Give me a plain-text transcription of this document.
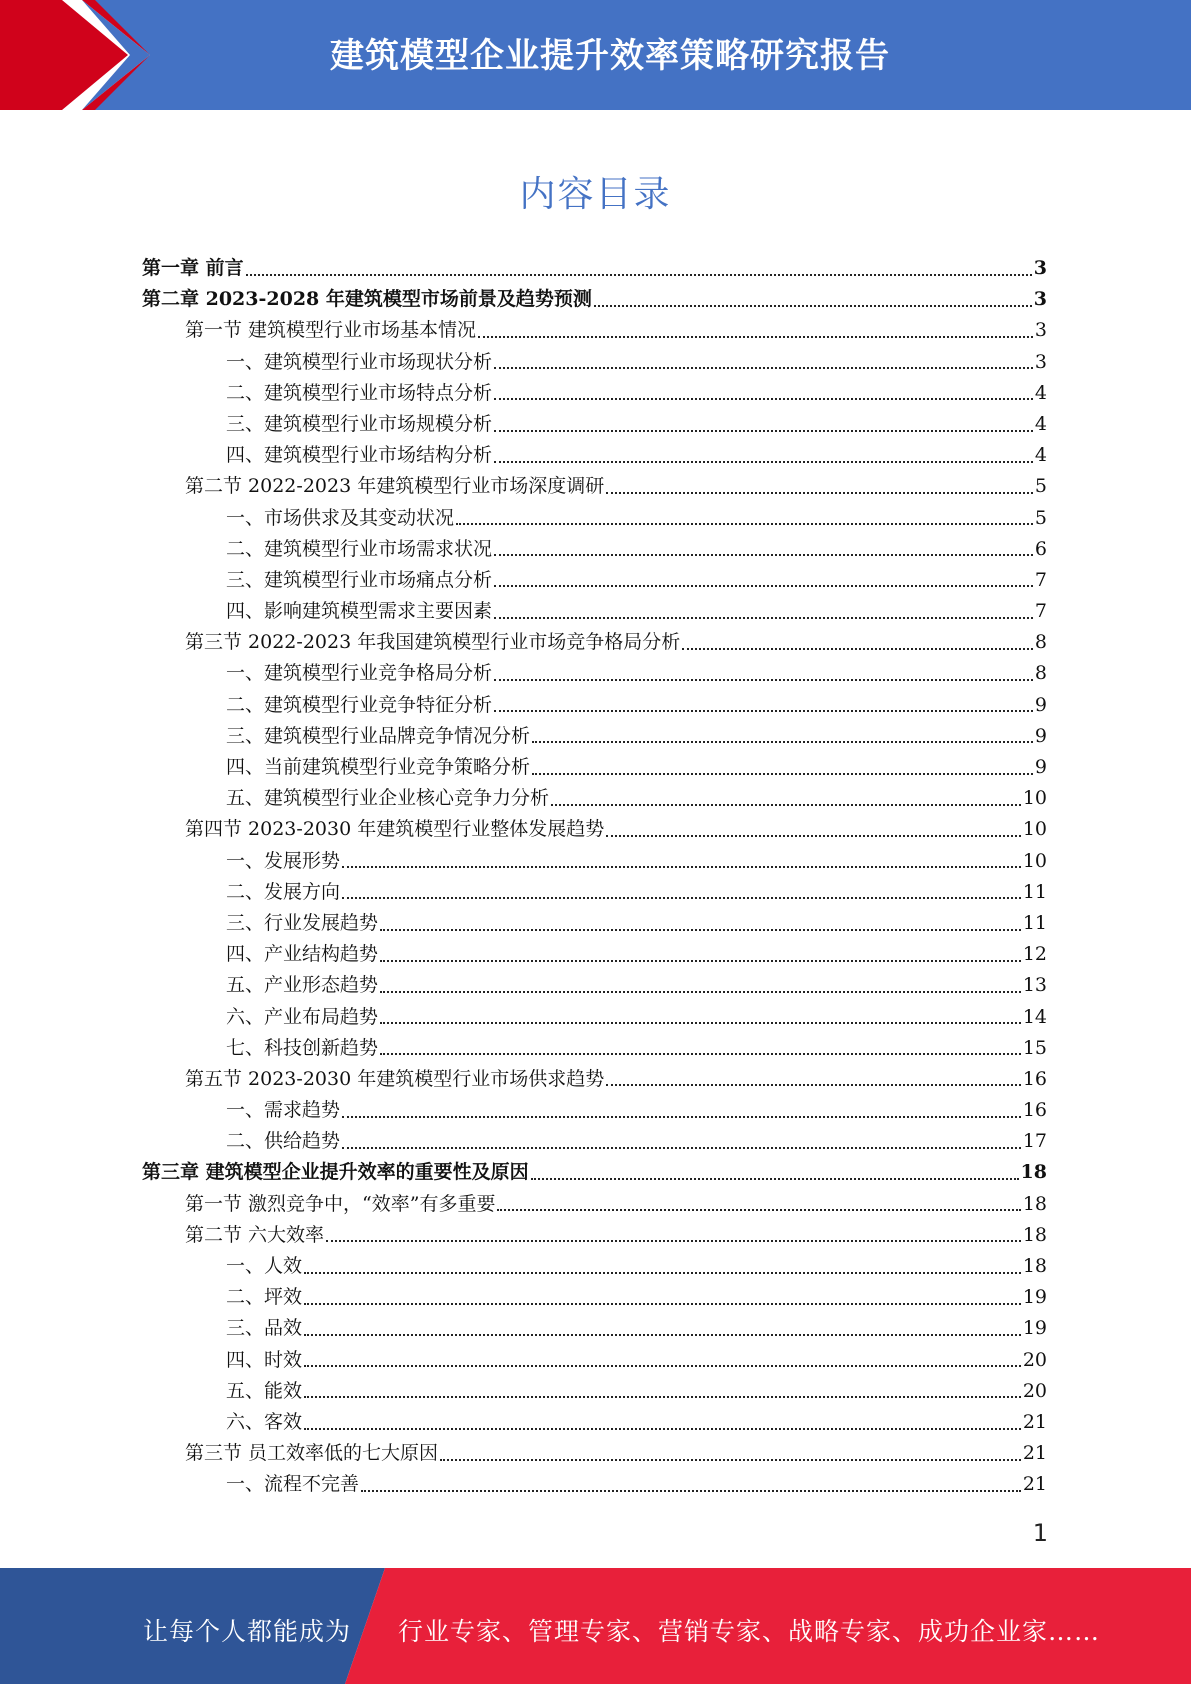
建筑模型企业提升效率策略研究报告
内容目录
第一章 前言	3
第二章 2023-2028 年建筑模型市场前景及趋势预测	3
第一节 建筑模型行业市场基本情况	3
一、建筑模型行业市场现状分析	3
二、建筑模型行业市场特点分析	4
三、建筑模型行业市场规模分析	4
四、建筑模型行业市场结构分析	4
第二节 2022-2023 年建筑模型行业市场深度调研	5
一、市场供求及其变动状况	5
二、建筑模型行业市场需求状况	6
三、建筑模型行业市场痛点分析	7
四、影响建筑模型需求主要因素	7
第三节 2022-2023 年我国建筑模型行业市场竞争格局分析	8
一、建筑模型行业竞争格局分析	8
二、建筑模型行业竞争特征分析	9
三、建筑模型行业品牌竞争情况分析	9
四、当前建筑模型行业竞争策略分析	9
五、建筑模型行业企业核心竞争力分析	10
第四节 2023-2030 年建筑模型行业整体发展趋势	10
一、发展形势	10
二、发展方向	11
三、行业发展趋势	11
四、产业结构趋势	12
五、产业形态趋势	13
六、产业布局趋势	14
七、科技创新趋势	15
第五节 2023-2030 年建筑模型行业市场供求趋势	16
一、需求趋势	16
二、供给趋势	17
第三章 建筑模型企业提升效率的重要性及原因	18
第一节 激烈竞争中，“效率”有多重要	18
第二节 六大效率	18
一、人效	18
二、坪效	19
三、品效	19
四、时效	20
五、能效	20
六、客效	21
第三节 员工效率低的七大原因	21
一、流程不完善	21
1
让每个人都能成为 行业专家、管理专家、营销专家、战略专家、成功企业家……
